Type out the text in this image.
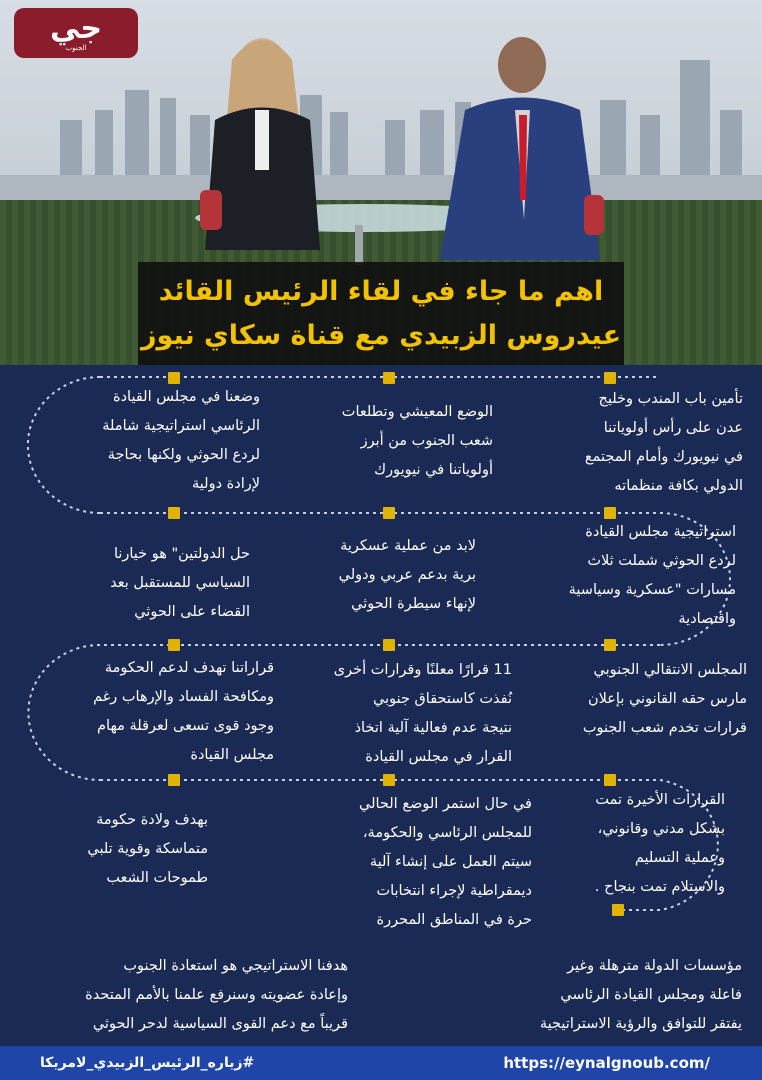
جي
الجنوب
اهم ما جاء في لقاء الرئيس القائد
عيدروس الزبيدي مع قناة سكاي نيوز
تأمين باب المندب وخليج
عدن على رأس أولوياتنا
في نيويورك وأمام المجتمع
الدولي بكافة منظماته
الوضع المعيشي وتطلعات
شعب الجنوب من أبرز
أولوياتنا في نيويورك
وضعنا في مجلس القيادة
الرئاسي استراتيجية شاملة
لردع الحوثي ولكنها بحاجة
لإرادة دولية
استراتيجية مجلس القيادة
لردع الحوثي شملت ثلاث
مسارات "عسكرية وسياسية
واقتصادية
لابد من عملية عسكرية
برية بدعم عربي ودولي
لإنهاء سيطرة الحوثي
حل الدولتين" هو خيارنا
السياسي للمستقبل بعد
القضاء على الحوثي
المجلس الانتقالي الجنوبي
مارس حقه القانوني بإعلان
قرارات تخدم شعب الجنوب
11 قرارًا معلنًا وقرارات أخرى
نُفذت كاستحقاق جنوبي
نتيجة عدم فعالية آلية اتخاذ
القرار في مجلس القيادة
قراراتنا تهدف لدعم الحكومة
ومكافحة الفساد والإرهاب رغم
وجود قوى تسعى لعرقلة مهام
مجلس القيادة
القرارات الأخيرة تمت
بشكل مدني وقانوني،
وعملية التسليم
والاستلام تمت بنجاح .
في حال استمر الوضع الحالي
للمجلس الرئاسي والحكومة،
سيتم العمل على إنشاء آلية
ديمقراطية لإجراء انتخابات
حرة في المناطق المحررة
بهدف ولادة حكومة
متماسكة وقوية تلبي
طموحات الشعب
مؤسسات الدولة مترهلة وغير
فاعلة ومجلس القيادة الرئاسي
يفتقر للتوافق والرؤية الاستراتيجية
هدفنا الاستراتيجي هو استعادة الجنوب
وإعادة عضويته وسنرفع علمنا بالأمم المتحدة
قريباً مع دعم القوى السياسية لدحر الحوثي
https://eynalgnoub.com/
#زياره_الرئيس_الزبيدي_لامريكا
